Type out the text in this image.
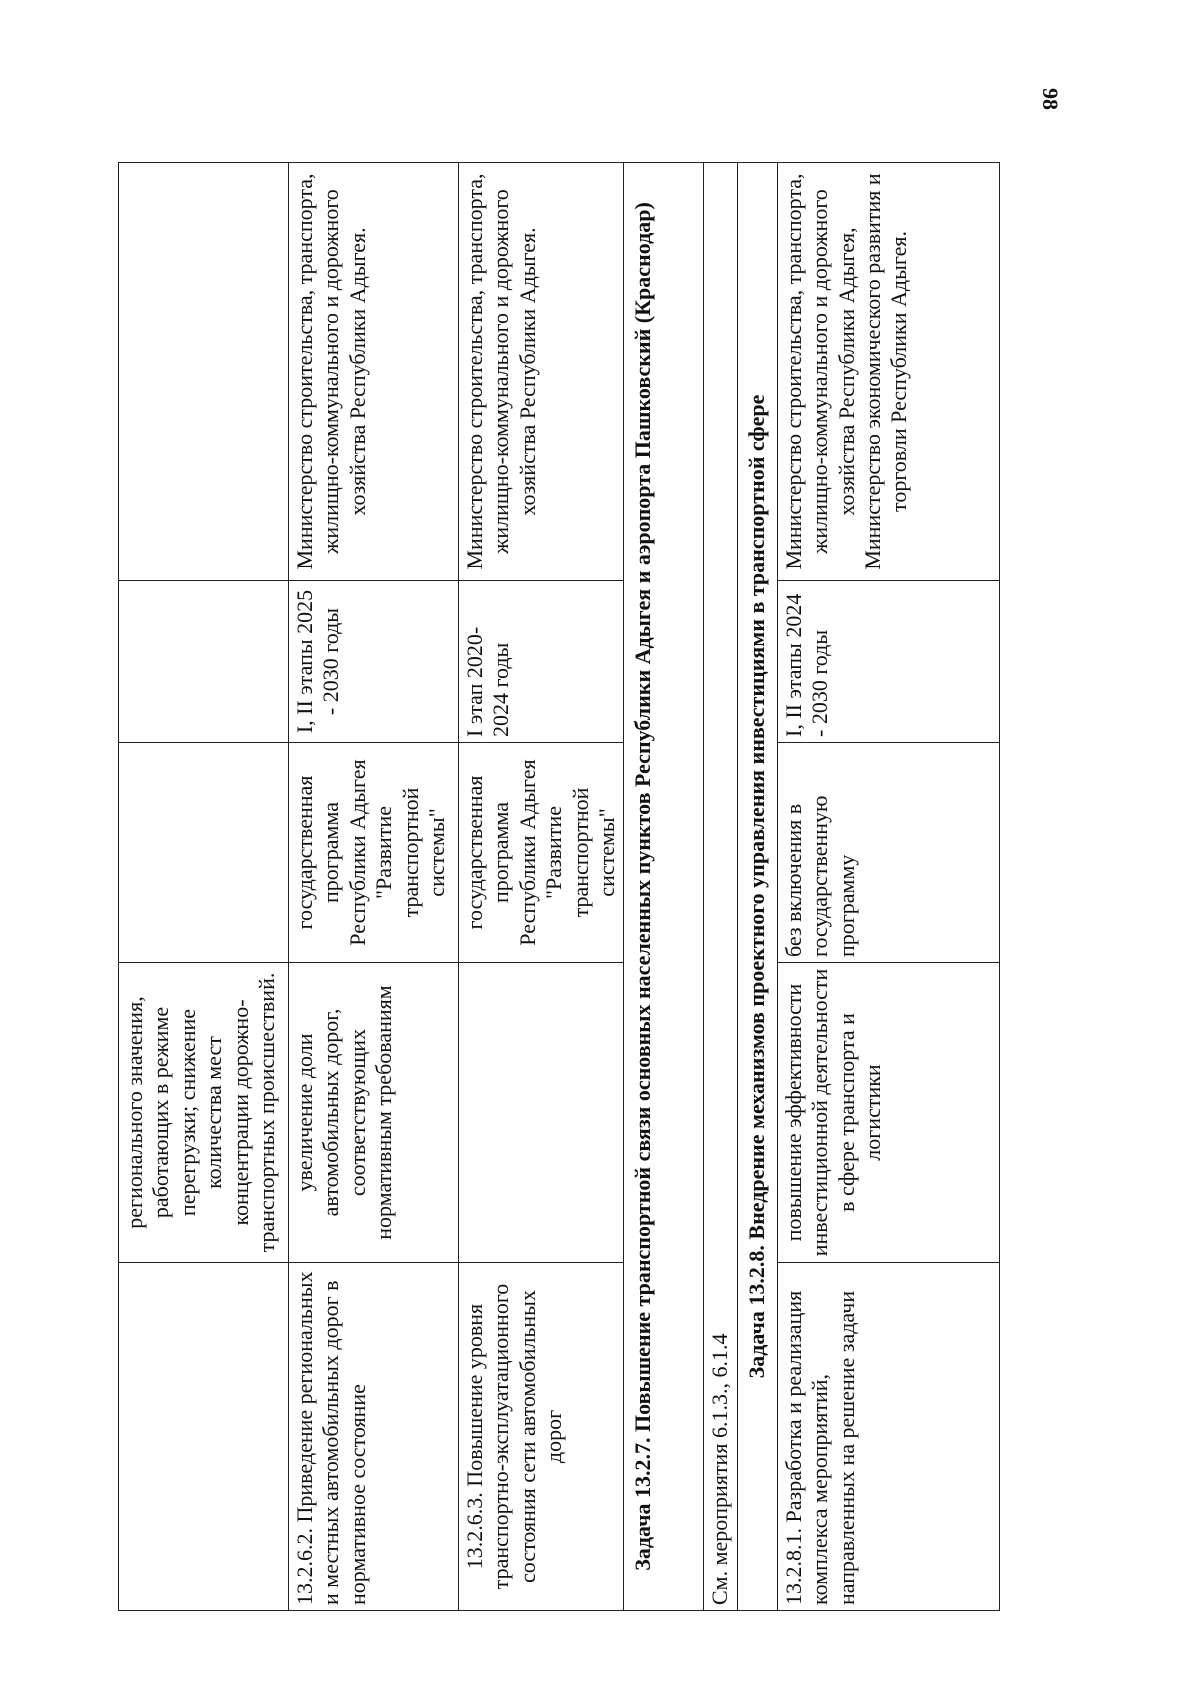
98
	регионального значения, работающих в режиме перегрузки; снижение количества мест концентрации дорожно-транспортных происшествий.			
13.2.6.2. Приведение региональных и местных автомобильных дорог в нормативное состояние	увеличение доли автомобильных дорог, соответствующих нормативным требованиям	государственная программа Республики Адыгея "Развитие транспортной системы"	I, II этапы 2025 - 2030 годы	Министерство строительства, транспорта, жилищно-коммунального и дорожного хозяйства Республики Адыгея.
13.2.6.3. Повышение уровня транспортно-эксплуатационного состояния сети автомобильных дорог		государственная программа Республики Адыгея "Развитие транспортной системы"	I этап 2020-2024 годы	Министерство строительства, транспорта, жилищно-коммунального и дорожного хозяйства Республики Адыгея.
Задача 13.2.7. Повышение транспортной связи основных населенных пунктов Республики Адыгея и аэропорта Пашковский (Краснодар)				
См. мероприятия 6.1.3., 6.1.4				
Задача 13.2.8. Внедрение механизмов проектного управления инвестициями в транспортной сфере				
13.2.8.1. Разработка и реализация комплекса мероприятий, направленных на решение задачи	повышение эффективности инвестиционной деятельности в сфере транспорта и логистики	без включения в государственную программу	I, II этапы 2024 - 2030 годы	Министерство строительства, транспорта, жилищно-коммунального и дорожного хозяйства Республики Адыгея, Министерство экономического развития и торговли Республики Адыгея.
